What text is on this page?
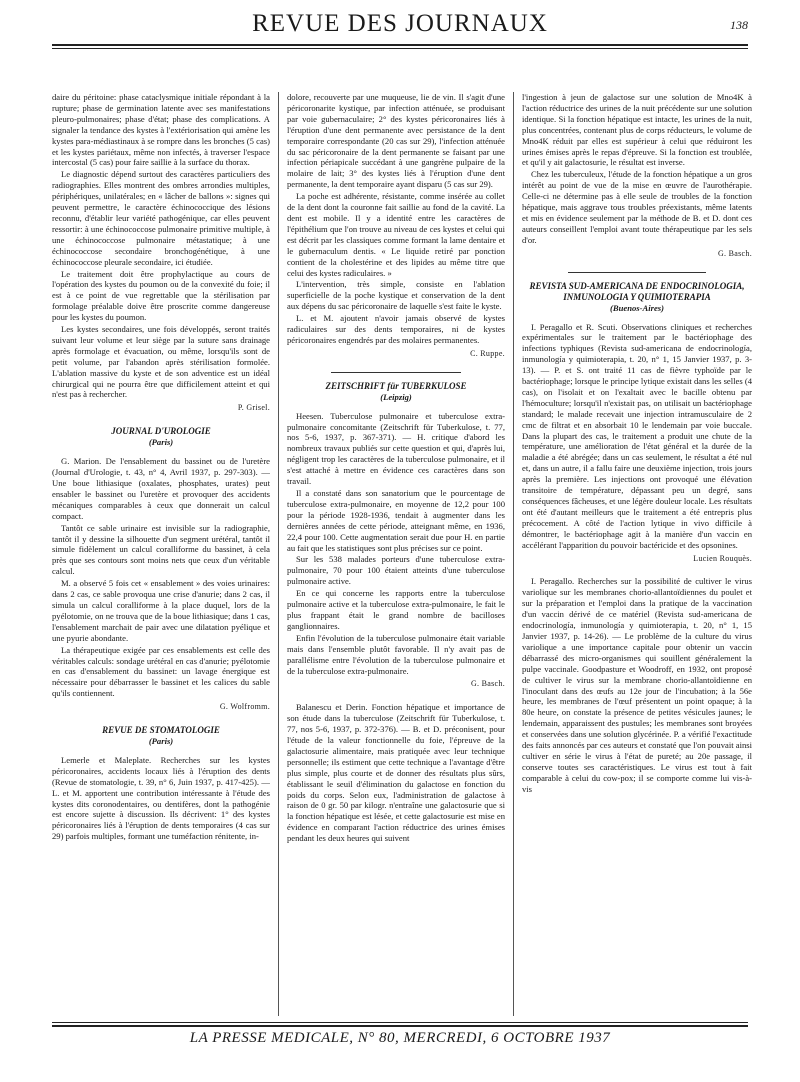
REVUE DES JOURNAUX	138

daire du péritoine: phase cataclysmique initiale répondant à la rupture; phase de germination latente avec ses manifestations pleuro-pulmonaires; phase d'état; phase des complications. A signaler la tendance des kystes à l'extériorisation qui amène les kystes para-médiastinaux à se rompre dans les bronches (5 cas) et les kystes pariétaux, même non infectés, à traverser l'espace intercostal (5 cas) pour faire saillie à la surface du thorax.

Le diagnostic dépend surtout des caractères particuliers des radiographies. Elles montrent des ombres arrondies multiples, périphériques, unilatérales; en « lâcher de ballons »: signes qui peuvent permettre, le caractère échinococcique des lésions reconnu, d'établir leur variété pathogénique, car elles peuvent ressortir: à une échinococcose pulmonaire primitive multiple, à une échinococcose pulmonaire métastatique; à une échinococcose secondaire bronchogénétique, à une échinococcose pleurale secondaire, ici étudiée.

Le traitement doit être prophylactique au cours de l'opération des kystes du poumon ou de la convexité du foie; il est à ce point de vue regrettable que la stérilisation par formolage préalable doive être proscrite comme dangereuse pour les kystes du poumon.

Les kystes secondaires, une fois développés, seront traités suivant leur volume et leur siège par la suture sans drainage après formolage et évacuation, ou même, lorsqu'ils sont de petit volume, par l'abandon après stérilisation formolée. L'ablation massive du kyste et de son adventice est un idéal chirurgical qui ne pourra être que difficilement atteint et qui n'est pas à rechercher.

P. Grisel.

JOURNAL D'UROLOGIE
(Paris)

G. Marion. De l'ensablement du bassinet ou de l'uretère (Journal d'Urologie, t. 43, n° 4, Avril 1937, p. 297-303). — Une boue lithiasique (oxalates, phosphates, urates) peut ensabler le bassinet ou l'uretère et provoquer des accidents mécaniques comparables à ceux que donnerait un calcul compact.

Tantôt ce sable urinaire est invisible sur la radiographie, tantôt il y dessine la silhouette d'un segment urétéral, tantôt il simule fidèlement un calcul coralliforme du bassinet, à cela près que ses contours sont moins nets que ceux d'un véritable calcul.

M. a observé 5 fois cet « ensablement » des voies urinaires: dans 2 cas, ce sable provoqua une crise d'anurie; dans 2 cas, il simula un calcul coralliforme à la place duquel, lors de la pyélotomie, on ne trouva que de la boue lithiasique; dans 1 cas, l'ensablement marchait de pair avec une dilatation pyélique et une pyurie abondante.

La thérapeutique exigée par ces ensablements est celle des véritables calculs: sondage urétéral en cas d'anurie; pyélotomie en cas d'ensablement du bassinet: un lavage énergique est nécessaire pour débarrasser le bassinet et les calices du sable qu'ils contiennent.

G. Wolfromm.

REVUE DE STOMATOLOGIE
(Paris)

Lemerle et Maleplate. Recherches sur les kystes péricoronaires, accidents locaux liés à l'éruption des dents (Revue de stomatologie, t. 39, n° 6, Juin 1937, p. 417-425). — L. et M. apportent une contribution intéressante à l'étude des kystes dits coronodentaires, ou dentifères, dont la pathogénie est encore sujette à discussion. Ils décrivent: 1° des kystes péricoronaires liés à l'éruption de dents temporaires (4 cas sur 29) parfois multiples, formant une tuméfaction rénitente, in-

dolore, recouverte par une muqueuse, lie de vin. Il s'agit d'une péricoronarite kystique, par infection atténuée, se produisant par voie gubernaculaire; 2° des kystes péricoronaires liés à l'éruption d'une dent permanente avec persistance de la dent temporaire correspondante (20 cas sur 29), l'infection atténuée du sac péricoronaire de la dent permanente se faisant par une infection périapicale succédant à une gangrène pulpaire de la molaire de lait; 3° des kystes liés à l'éruption d'une dent permanente, la dent temporaire ayant disparu (5 cas sur 29).

La poche est adhérente, résistante, comme insérée au collet de la dent dont la couronne fait saillie au fond de la cavité. La dent est mobile. Il y a identité entre les caractères de l'épithélium que l'on trouve au niveau de ces kystes et celui qui est décrit par les classiques comme formant la lame dentaire et le gubernaculum dentis. « Le liquide retiré par ponction contient de la cholestérine et des lipides au même titre que celui des kystes radiculaires. »

L'intervention, très simple, consiste en l'ablation superficielle de la poche kystique et conservation de la dent aux dépens du sac péricoronaire de laquelle s'est faite le kyste.

L. et M. ajoutent n'avoir jamais observé de kystes radiculaires sur des dents temporaires, ni de kystes péricoronaires engendrés par des molaires permanentes.

C. Ruppe.

ZEITSCHRIFT für TUBERKULOSE
(Leipzig)

Heesen. Tuberculose pulmonaire et tuberculose extra-pulmonaire concomitante (Zeitschrift für Tuberkulose, t. 77, nos 5-6, 1937, p. 367-371). — H. critique d'abord les nombreux travaux publiés sur cette question et qui, d'après lui, négligent trop les caractères de la tuberculose pulmonaire, et il s'est attaché à mettre en évidence ces caractères dans son travail.

Il a constaté dans son sanatorium que le pourcentage de tuberculose extra-pulmonaire, en moyenne de 12,2 pour 100 pour la période 1928-1936, tendait à augmenter dans les dernières années de cette période, atteignant même, en 1936, 22,4 pour 100. Cette augmentation serait due pour H. en partie au fait que les statistiques sont plus précises sur ce point.

Sur les 538 malades porteurs d'une tuberculose extra-pulmonaire, 70 pour 100 étaient atteints d'une tuberculose pulmonaire active.

En ce qui concerne les rapports entre la tuberculose pulmonaire active et la tuberculose extra-pulmonaire, le fait le plus frappant était le grand nombre de bacilloses ganglionnaires.

Enfin l'évolution de la tuberculose pulmonaire était variable mais dans l'ensemble plutôt favorable. Il n'y avait pas de parallélisme entre l'évolution de la tuberculose pulmonaire et de la tuberculose extra-pulmonaire.

G. Basch.

Balanescu et Derin. Fonction hépatique et importance de son étude dans la tuberculose (Zeitschrift für Tuberkulose, t. 77, nos 5-6, 1937, p. 372-376). — B. et D. préconisent, pour l'étude de la valeur fonctionnelle du foie, l'épreuve de la galactosurie alimentaire, mais pratiquée avec leur technique personnelle; ils estiment que cette technique a l'avantage d'être plus simple, plus courte et de donner des résultats plus sûrs, établissant le seuil d'élimination du galactose en fonction du poids du corps. Selon eux, l'administration de galactose à raison de 0 gr. 50 par kilogr. n'entraîne une galactosurie que si la fonction hépatique est lésée, et cette galactosurie est mise en évidence en comparant l'action réductrice des urines émises pendant les deux heures qui suivent

l'ingestion à jeun de galactose sur une solution de Mno4K à l'action réductrice des urines de la nuit précédente sur une solution identique. Si la fonction hépatique est intacte, les urines de la nuit, plus concentrées, contenant plus de corps réducteurs, le volume de Mno4K réduit par elles est supérieur à celui que réduiront les urines émises après le repas d'épreuve. Si la fonction est troublée, et qu'il y ait galactosurie, le résultat est inverse.

Chez les tuberculeux, l'étude de la fonction hépatique a un gros intérêt au point de vue de la mise en œuvre de l'aurothérapie. Celle-ci ne détermine pas à elle seule de troubles de la fonction hépatique, mais aggrave tous troubles préexistants, même latents et mis en évidence seulement par la méthode de B. et D. dont ces auteurs conseillent l'emploi avant toute thérapeutique par les sels d'or.

G. Basch.

REVISTA SUD-AMERICANA DE ENDOCRINOLOGIA, INMUNOLOGIA Y QUIMIOTERAPIA
(Buenos-Aires)

I. Peragallo et R. Scuti. Observations cliniques et recherches expérimentales sur le traitement par le bactériophage des infections typhiques (Revista sud-americana de endocrinología, inmunología y quimioterapia, t. 20, n° 1, 15 Janvier 1937, p. 3-13). — P. et S. ont traité 11 cas de fièvre typhoïde par le bactériophage; lorsque le principe lytique existait dans les selles (4 cas), on l'isolait et on l'exaltait avec le bacille obtenu par l'hémoculture; lorsqu'il n'existait pas, on utilisait un bactériophage standard; le malade recevait une injection intramusculaire de 2 cmc de filtrat et en absorbait 10 le lendemain par voie buccale. Dans la plupart des cas, le traitement a produit une chute de la température, une amélioration de l'état général et la durée de la maladie a été abrégée; dans un cas seulement, le résultat a été nul et, dans un autre, il a fallu faire une deuxième injection, trois jours après la première. Les injections ont provoqué une élévation transitoire de température, dépassant peu un degré, sans conséquences fâcheuses, et une légère douleur locale. Les résultats ont été d'autant meilleurs que le traitement a été entrepris plus précocement. A côté de l'action lytique in vivo difficile à démontrer, le bactériophage agit à la manière d'un vaccin en accélérant l'apparition du pouvoir bactéricide et des opsonines.

Lucien Rouquès.

I. Peragallo. Recherches sur la possibilité de cultiver le virus variolique sur les membranes chorio-allantoïdiennes du poulet et sur la préparation et l'emploi dans la pratique de la vaccination d'un vaccin dérivé de ce matériel (Revista sud-americana de endocrinología, inmunología y quimioterapia, t. 20, n° 1, 15 Janvier 1937, p. 14-26). — Le problème de la culture du virus variolique a une importance capitale pour obtenir un vaccin débarrassé des micro-organismes qui souillent généralement la pulpe vaccinale. Goodpasture et Woodroff, en 1932, ont proposé de cultiver le virus sur la membrane chorio-allantoïdienne en l'inoculant dans des œufs au 12e jour de l'incubation; à la 56e heure, les membranes de l'œuf présentent un point opaque; à la 80e heure, on constate la présence de petites vésicules jaunes; le lendemain, apparaissent des pustules; les membranes sont broyées et conservées dans une solution glycérinée. P. a vérifié l'exactitude des faits annoncés par ces auteurs et constaté que l'on pouvait ainsi cultiver en série le virus à l'état de pureté; au 20e passage, il conserve toutes ses caractéristiques. Le virus est tout à fait comparable à celui du cow-pox; il se comporte comme lui vis-à-vis

LA PRESSE MEDICALE, N° 80, MERCREDI, 6 OCTOBRE 1937
